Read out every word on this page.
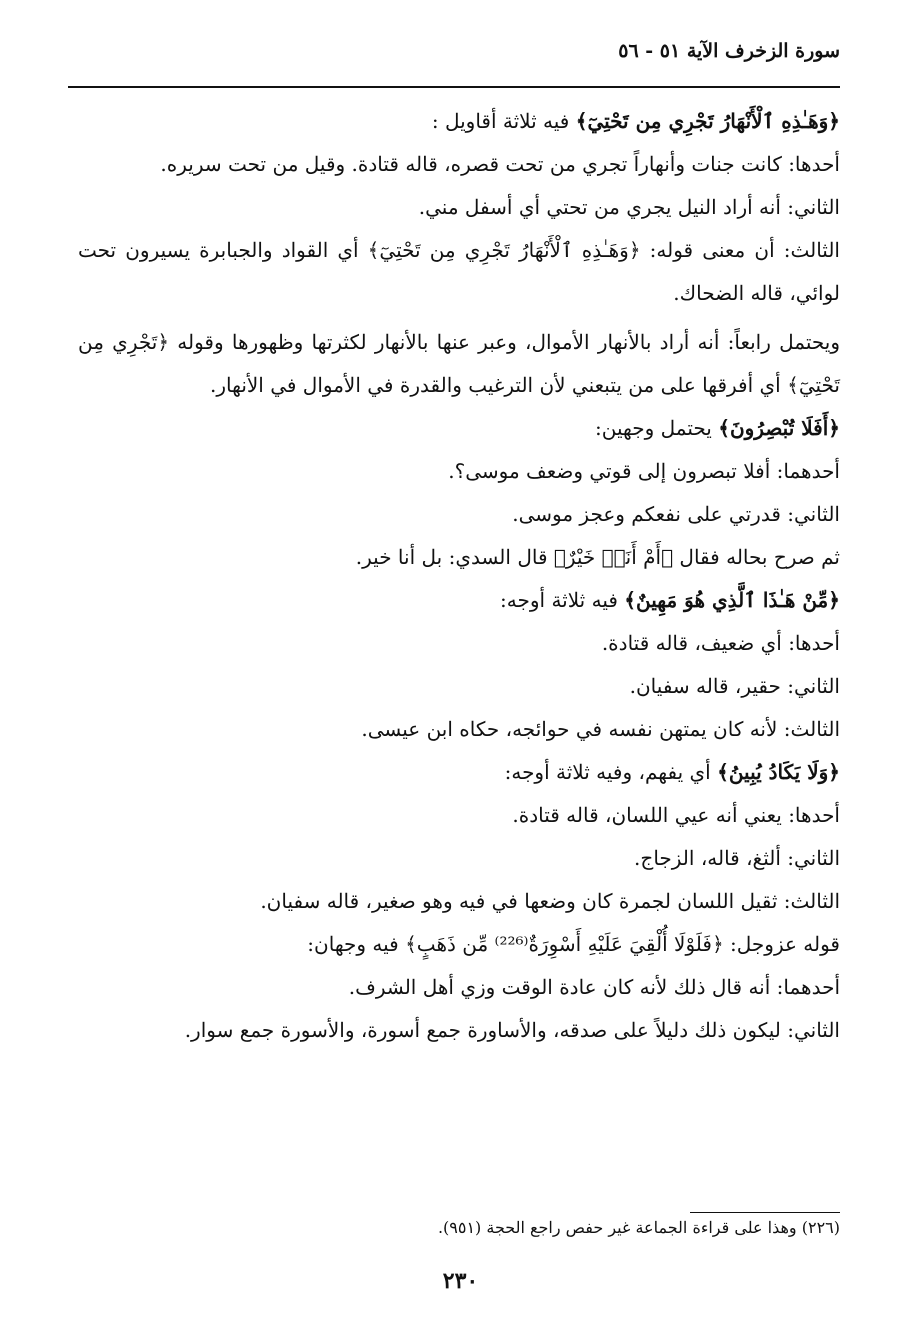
سورة الزخرف الآية ٥١ - ٥٦

﴿وَهَـٰذِهِ ٱلْأَنْهَارُ تَجْرِي مِن تَحْتِيٓ﴾ فيه ثلاثة أقاويل :

أحدها: كانت جنات وأنهاراً تجري من تحت قصره، قاله قتادة. وقيل من تحت سريره.

الثاني: أنه أراد النيل يجري من تحتي أي أسفل مني.

الثالث: أن معنى قوله: ﴿وَهَـٰذِهِ ٱلْأَنْهَارُ تَجْرِي مِن تَحْتِيٓ﴾ أي القواد والجبابرة يسيرون تحت لوائي، قاله الضحاك.

ويحتمل رابعاً: أنه أراد بالأنهار الأموال، وعبر عنها بالأنهار لكثرتها وظهورها وقوله ﴿تَجْرِي مِن تَحْتِيٓ﴾ أي أفرقها على من يتبعني لأن الترغيب والقدرة في الأموال في الأنهار.

﴿أَفَلَا تُبْصِرُونَ﴾ يحتمل وجهين:

أحدهما: أفلا تبصرون إلى قوتي وضعف موسى؟.

الثاني: قدرتي على نفعكم وعجز موسى.

ثم صرح بحاله فقال ﴿أَمْ أَنَا۠ خَيْرٌ﴾ قال السدي: بل أنا خير.

﴿مِّنْ هَـٰذَا ٱلَّذِي هُوَ مَهِينٌ﴾ فيه ثلاثة أوجه:

أحدها: أي ضعيف، قاله قتادة.

الثاني: حقير، قاله سفيان.

الثالث: لأنه كان يمتهن نفسه في حوائجه، حكاه ابن عيسى.

﴿وَلَا يَكَادُ يُبِينُ﴾ أي يفهم، وفيه ثلاثة أوجه:

أحدها: يعني أنه عيي اللسان، قاله قتادة.

الثاني: ألثغ، قاله، الزجاج.

الثالث: ثقيل اللسان لجمرة كان وضعها في فيه وهو صغير، قاله سفيان.

قوله عزوجل: ﴿فَلَوْلَا أُلْقِيَ عَلَيْهِ أَسْوِرَةٌ⁽²²⁶⁾ مِّن ذَهَبٍ﴾ فيه وجهان:

أحدهما: أنه قال ذلك لأنه كان عادة الوقت وزي أهل الشرف.

الثاني: ليكون ذلك دليلاً على صدقه، والأساورة جمع أسورة، والأسورة جمع سوار.

(٢٢٦) وهذا على قراءة الجماعة غير حفص راجع الحجة (٩٥١).
٢٣٠
